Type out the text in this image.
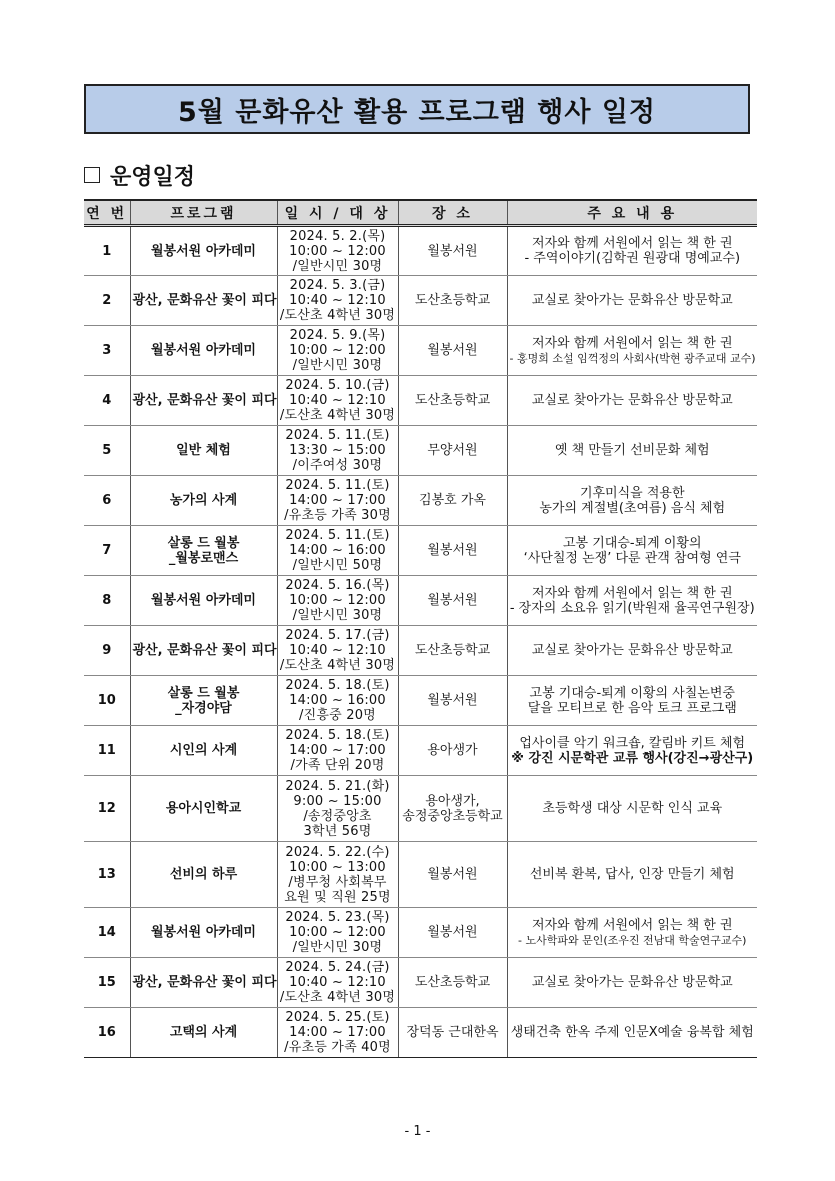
5월 문화유산 활용 프로그램 행사 일정
운영일정
연 번	프로그램	일 시 / 대 상	장 소	주 요 내 용
1	월봉서원 아카데미	2024. 5. 2.(목)
10:00 ~ 12:00
/일반시민 30명	월봉서원	저자와 함께 서원에서 읽는 책 한 권
- 주역이야기(김학권 원광대 명예교수)

2	광산, 문화유산 꽃이 피다	2024. 5. 3.(금)
10:40 ~ 12:10
/도산초 4학년 30명	도산초등학교	교실로 찾아가는 문화유산 방문학교

3	월봉서원 아카데미	2024. 5. 9.(목)
10:00 ~ 12:00
/일반시민 30명	월봉서원	저자와 함께 서원에서 읽는 책 한 권
- 홍명희 소설 임꺽정의 사회사(박현 광주교대 교수)

4	광산, 문화유산 꽃이 피다	2024. 5. 10.(금)
10:40 ~ 12:10
/도산초 4학년 30명	도산초등학교	교실로 찾아가는 문화유산 방문학교

5	일반 체험	2024. 5. 11.(토)
13:30 ~ 15:00
/이주여성 30명	무양서원	옛 책 만들기 선비문화 체험

6	농가의 사계	2024. 5. 11.(토)
14:00 ~ 17:00
/유초등 가족 30명	김봉호 가옥	기후미식을 적용한
농가의 계절별(초여름) 음식 체험

7	살롱 드 월봉
_월봉로맨스	2024. 5. 11.(토)
14:00 ~ 16:00
/일반시민 50명	월봉서원	고봉 기대승-퇴계 이황의
‘사단칠정 논쟁’ 다룬 관객 참여형 연극

8	월봉서원 아카데미	2024. 5. 16.(목)
10:00 ~ 12:00
/일반시민 30명	월봉서원	저자와 함께 서원에서 읽는 책 한 권
- 장자의 소요유 읽기(박원재 율곡연구원장)

9	광산, 문화유산 꽃이 피다	2024. 5. 17.(금)
10:40 ~ 12:10
/도산초 4학년 30명	도산초등학교	교실로 찾아가는 문화유산 방문학교

10	살롱 드 월봉
_자경야담	2024. 5. 18.(토)
14:00 ~ 16:00
/진흥중 20명	월봉서원	고봉 기대승-퇴계 이황의 사칠논변중
달을 모티브로 한 음악 토크 프로그램

11	시인의 사계	2024. 5. 18.(토)
14:00 ~ 17:00
/가족 단위 20명	용아생가	업사이클 악기 워크숍, 칼림바 키트 체험
※ 강진 시문학관 교류 행사(강진→광산구)

12	용아시인학교	2024. 5. 21.(화)
9:00 ~ 15:00
/송정중앙초
3학년 56명	용아생가,
송정중앙초등학교	초등학생 대상 시문학 인식 교육

13	선비의 하루	2024. 5. 22.(수)
10:00 ~ 13:00
/병무청 사회복무
요원 및 직원 25명	월봉서원	선비복 환복, 답사, 인장 만들기 체험

14	월봉서원 아카데미	2024. 5. 23.(목)
10:00 ~ 12:00
/일반시민 30명	월봉서원	저자와 함께 서원에서 읽는 책 한 권
- 노사학파와 문인(조우진 전남대 학술연구교수)

15	광산, 문화유산 꽃이 피다	2024. 5. 24.(금)
10:40 ~ 12:10
/도산초 4학년 30명	도산초등학교	교실로 찾아가는 문화유산 방문학교

16	고택의 사계	2024. 5. 25.(토)
14:00 ~ 17:00
/유초등 가족 40명	장덕동 근대한옥	생태건축 한옥 주제 인문X예술 융복합 체험
- 1 -
